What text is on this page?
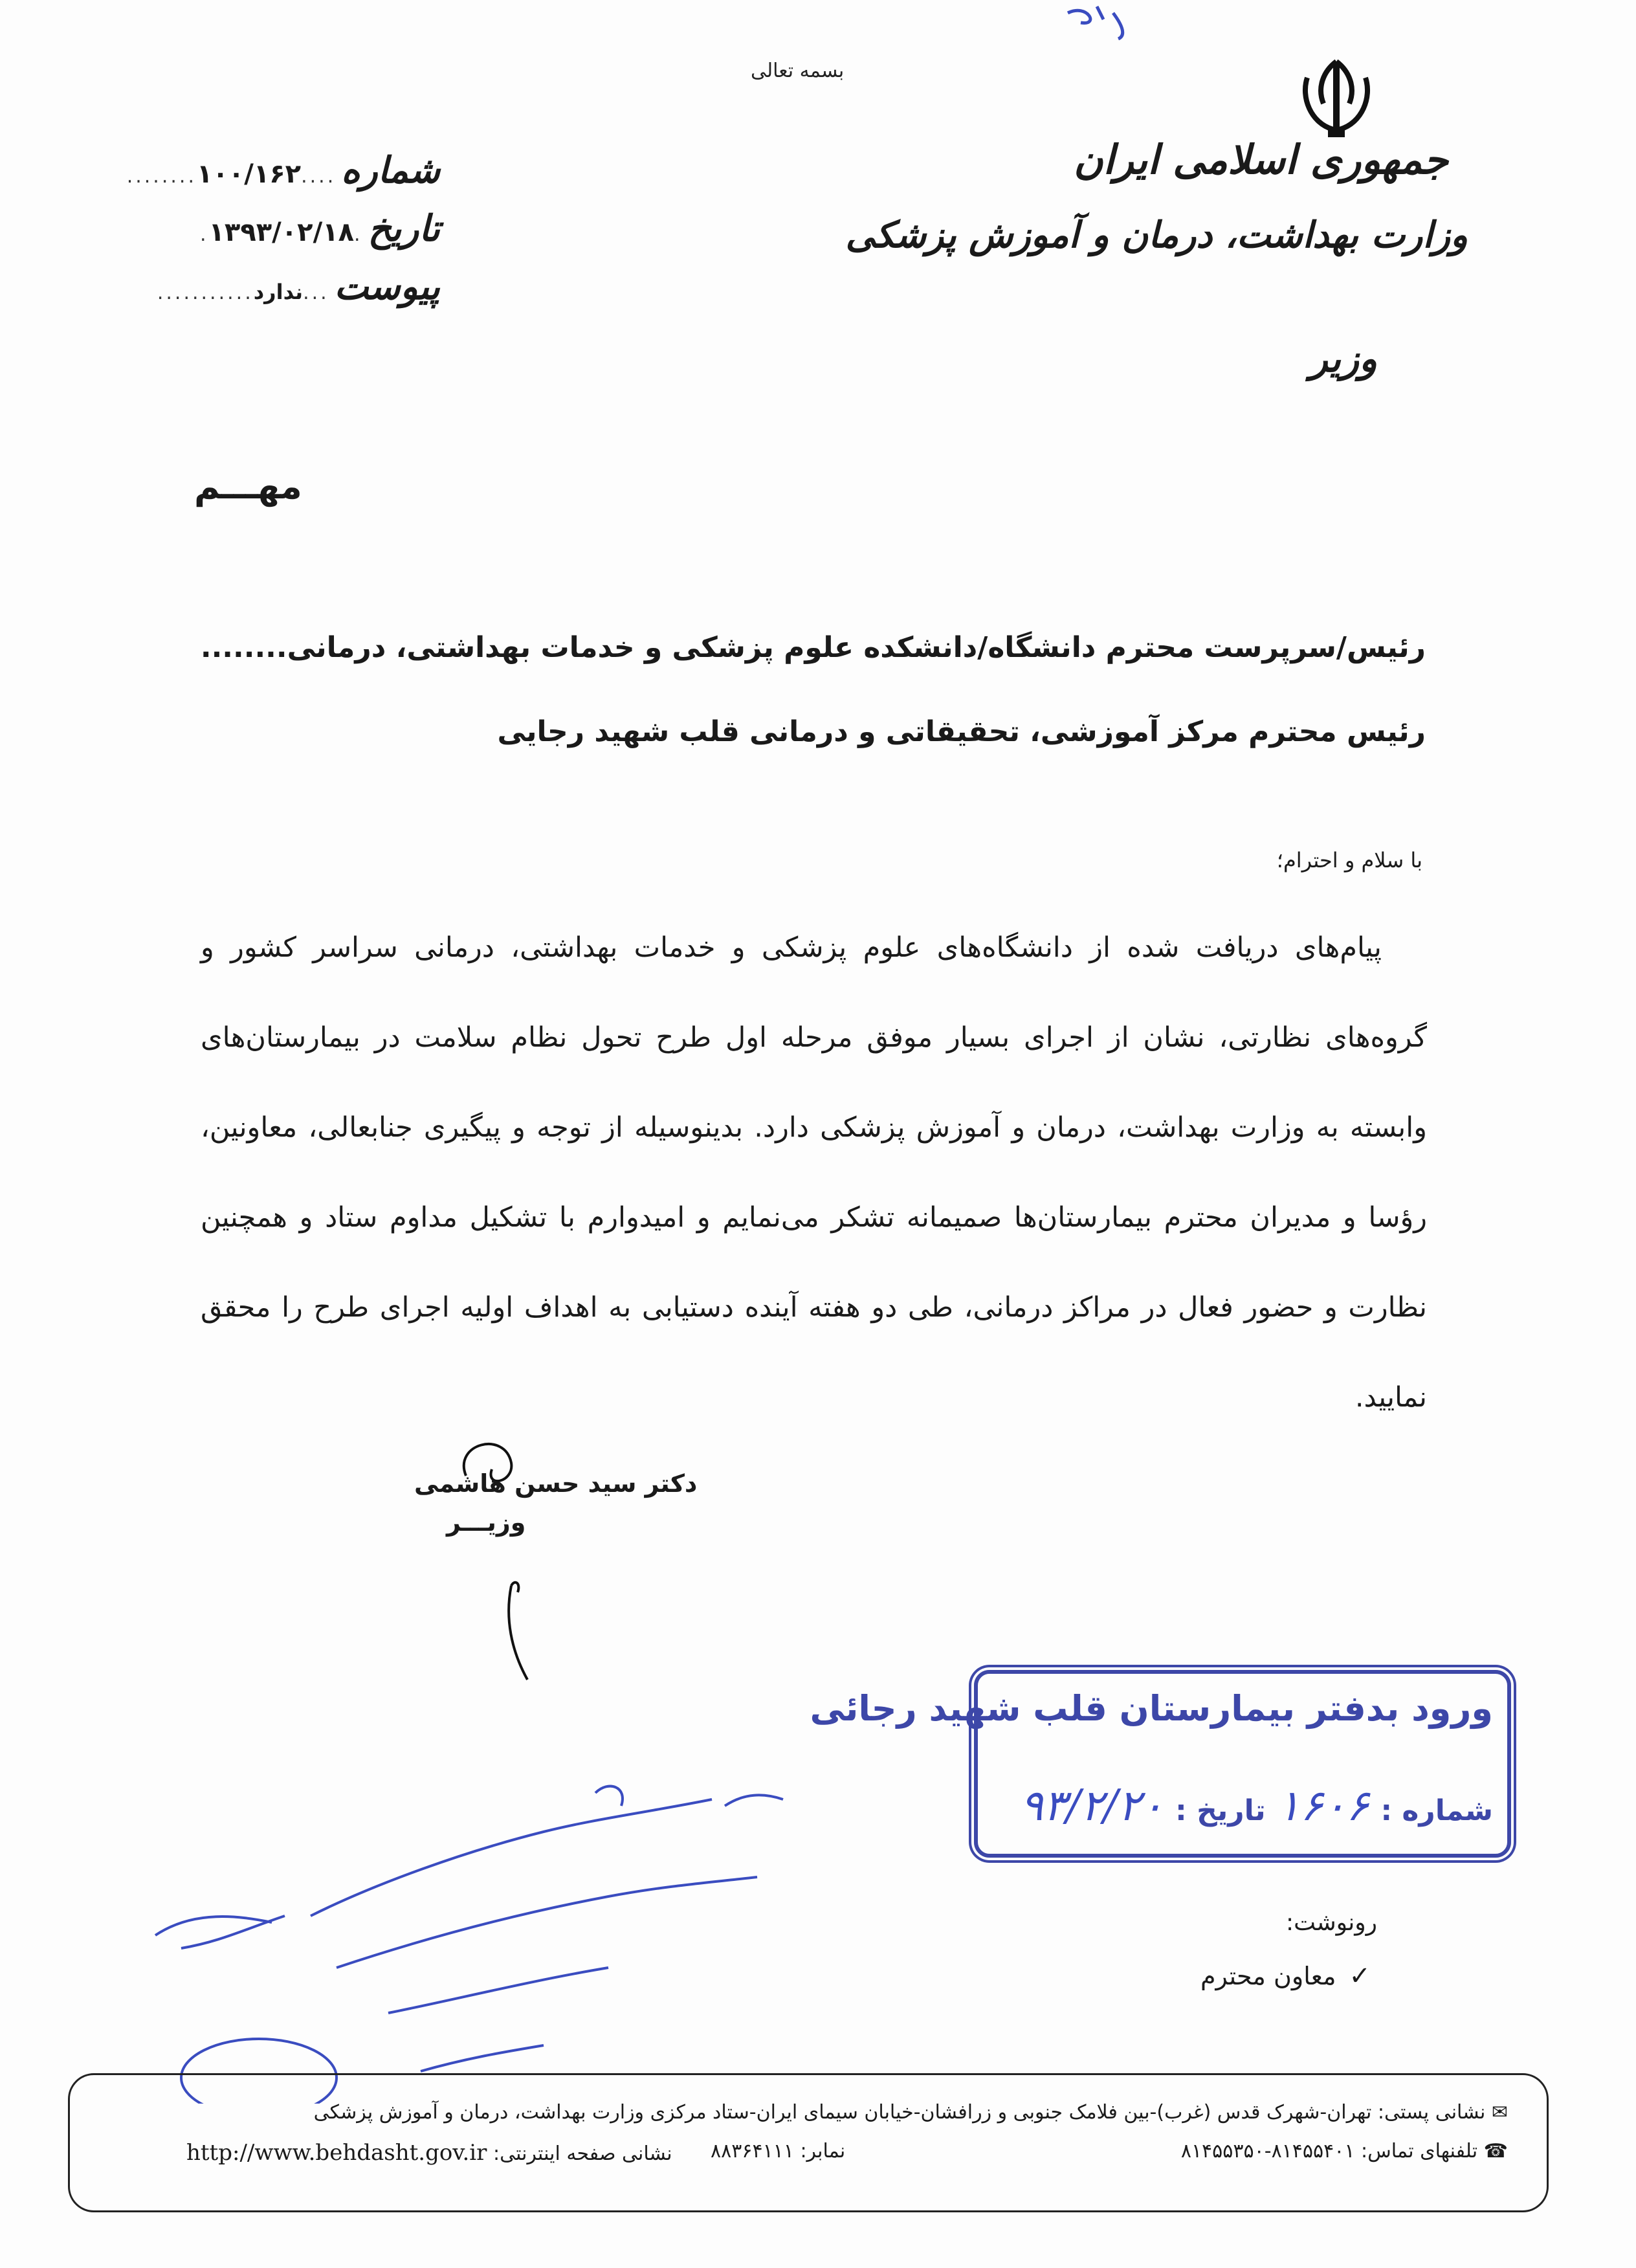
بسمه تعالی
جمهوری اسلامی ایران
وزارت بهداشت، درمان و آموزش پزشکی
وزیر
شماره
....
۱۰۰/۱۶۲
........
تاریخ
.
۱۳۹۳/۰۲/۱۸
.
پیوست
...
ندارد
...........
مهـــم
رئیس/سرپرست محترم دانشگاه/دانشکده علوم پزشکی و خدمات بهداشتی، درمانی........
رئیس محترم مرکز آموزشی، تحقیقاتی و درمانی قلب شهید رجایی
با سلام و احترام؛
پیام‌های دریافت شده از دانشگاه‌های علوم پزشکی و خدمات بهداشتی، درمانی سراسر کشور و گروه‌های نظارتی، نشان از اجرای بسیار موفق مرحله اول طرح تحول نظام سلامت در بیمارستان‌های وابسته به وزارت بهداشت، درمان و آموزش پزشکی دارد. بدینوسیله از توجه و پیگیری جنابعالی، معاونین، رؤسا و مدیران محترم بیمارستان‌ها صمیمانه تشکر می‌نمایم و امیدوارم با تشکیل مداوم ستاد و همچنین نظارت و حضور فعال در مراکز درمانی، طی دو هفته آینده دستیابی به اهداف اولیه اجرای طرح را محقق نمایید.
دکتر سید حسن هاشمی
وزیـــر
ورود بدفتر بیمارستان قلب شهید رجائی
شماره :
۱۶۰۶
تاریخ :
۹۳/۲/۲۰
رونوشت:
✓
معاون محترم
✉ نشانی پستی: تهران-شهرک قدس (غرب)-بین فلامک جنوبی و زرافشان-خیابان سیمای ایران-ستاد مرکزی وزارت بهداشت، درمان و آموزش پزشکی
☎ تلفنهای تماس: ۸۱۴۵۵۴۰۱-۸۱۴۵۵۳۵۰
نمابر: ۸۸۳۶۴۱۱۱
نشانی صفحه اینترنتی: http://www.behdasht.gov.ir
